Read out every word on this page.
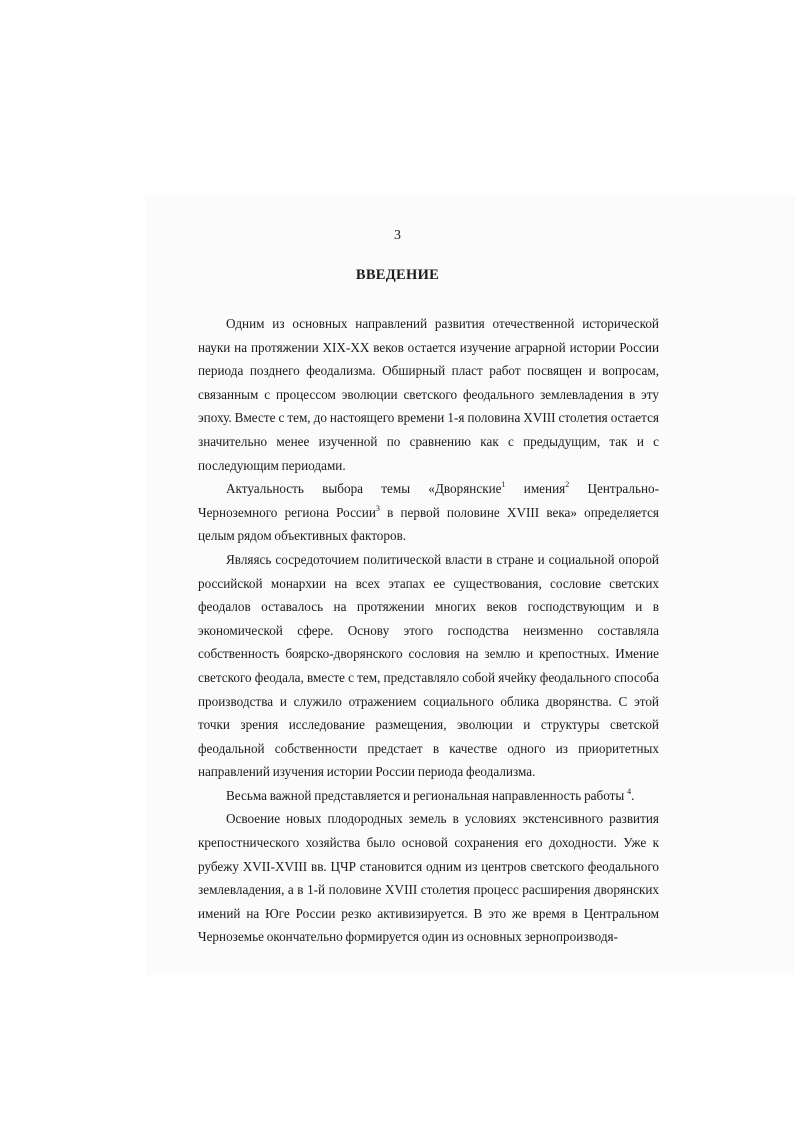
3
ВВЕДЕНИЕ

Одним из основных направлений развития отечественной исторической науки на протяжении XIX-XX веков остается изучение аграрной истории России периода позднего феодализма. Обширный пласт работ посвящен и вопросам, связанным с процессом эволюции светского феодального землевладения в эту эпоху. Вместе с тем, до настоящего времени 1-я половина XVIII столетия остается значительно менее изученной по сравнению как с предыдущим, так и с последующим периодами.

Актуальность выбора темы «Дворянские$^1$ имения$^2$ Центрально-Черноземного региона России$^3$ в первой половине XVIII века» определяется целым рядом объективных факторов.

Являясь сосредоточием политической власти в стране и социальной опорой российской монархии на всех этапах ее существования, сословие светских феодалов оставалось на протяжении многих веков господствующим и в экономической сфере. Основу этого господства неизменно составляла собственность боярско-дворянского сословия на землю и крепостных. Имение светского феодала, вместе с тем, представляло собой ячейку феодального способа производства и служило отражением социального облика дворянства. С этой точки зрения исследование размещения, эволюции и структуры светской феодальной собственности предстает в качестве одного из приоритетных направлений изучения истории России периода феодализма.

Весьма важной представляется и региональная направленность работы $^4$.

Освоение новых плодородных земель в условиях экстенсивного развития крепостнического хозяйства было основой сохранения его доходности. Уже к рубежу XVII-XVIII вв. ЦЧР становится одним из центров светского феодального землевладения, а в 1-й половине XVIII столетия процесс расширения дворянских имений на Юге России резко активизируется. В это же время в Центральном Черноземье окончательно формируется один из основных зернопроизводя-
